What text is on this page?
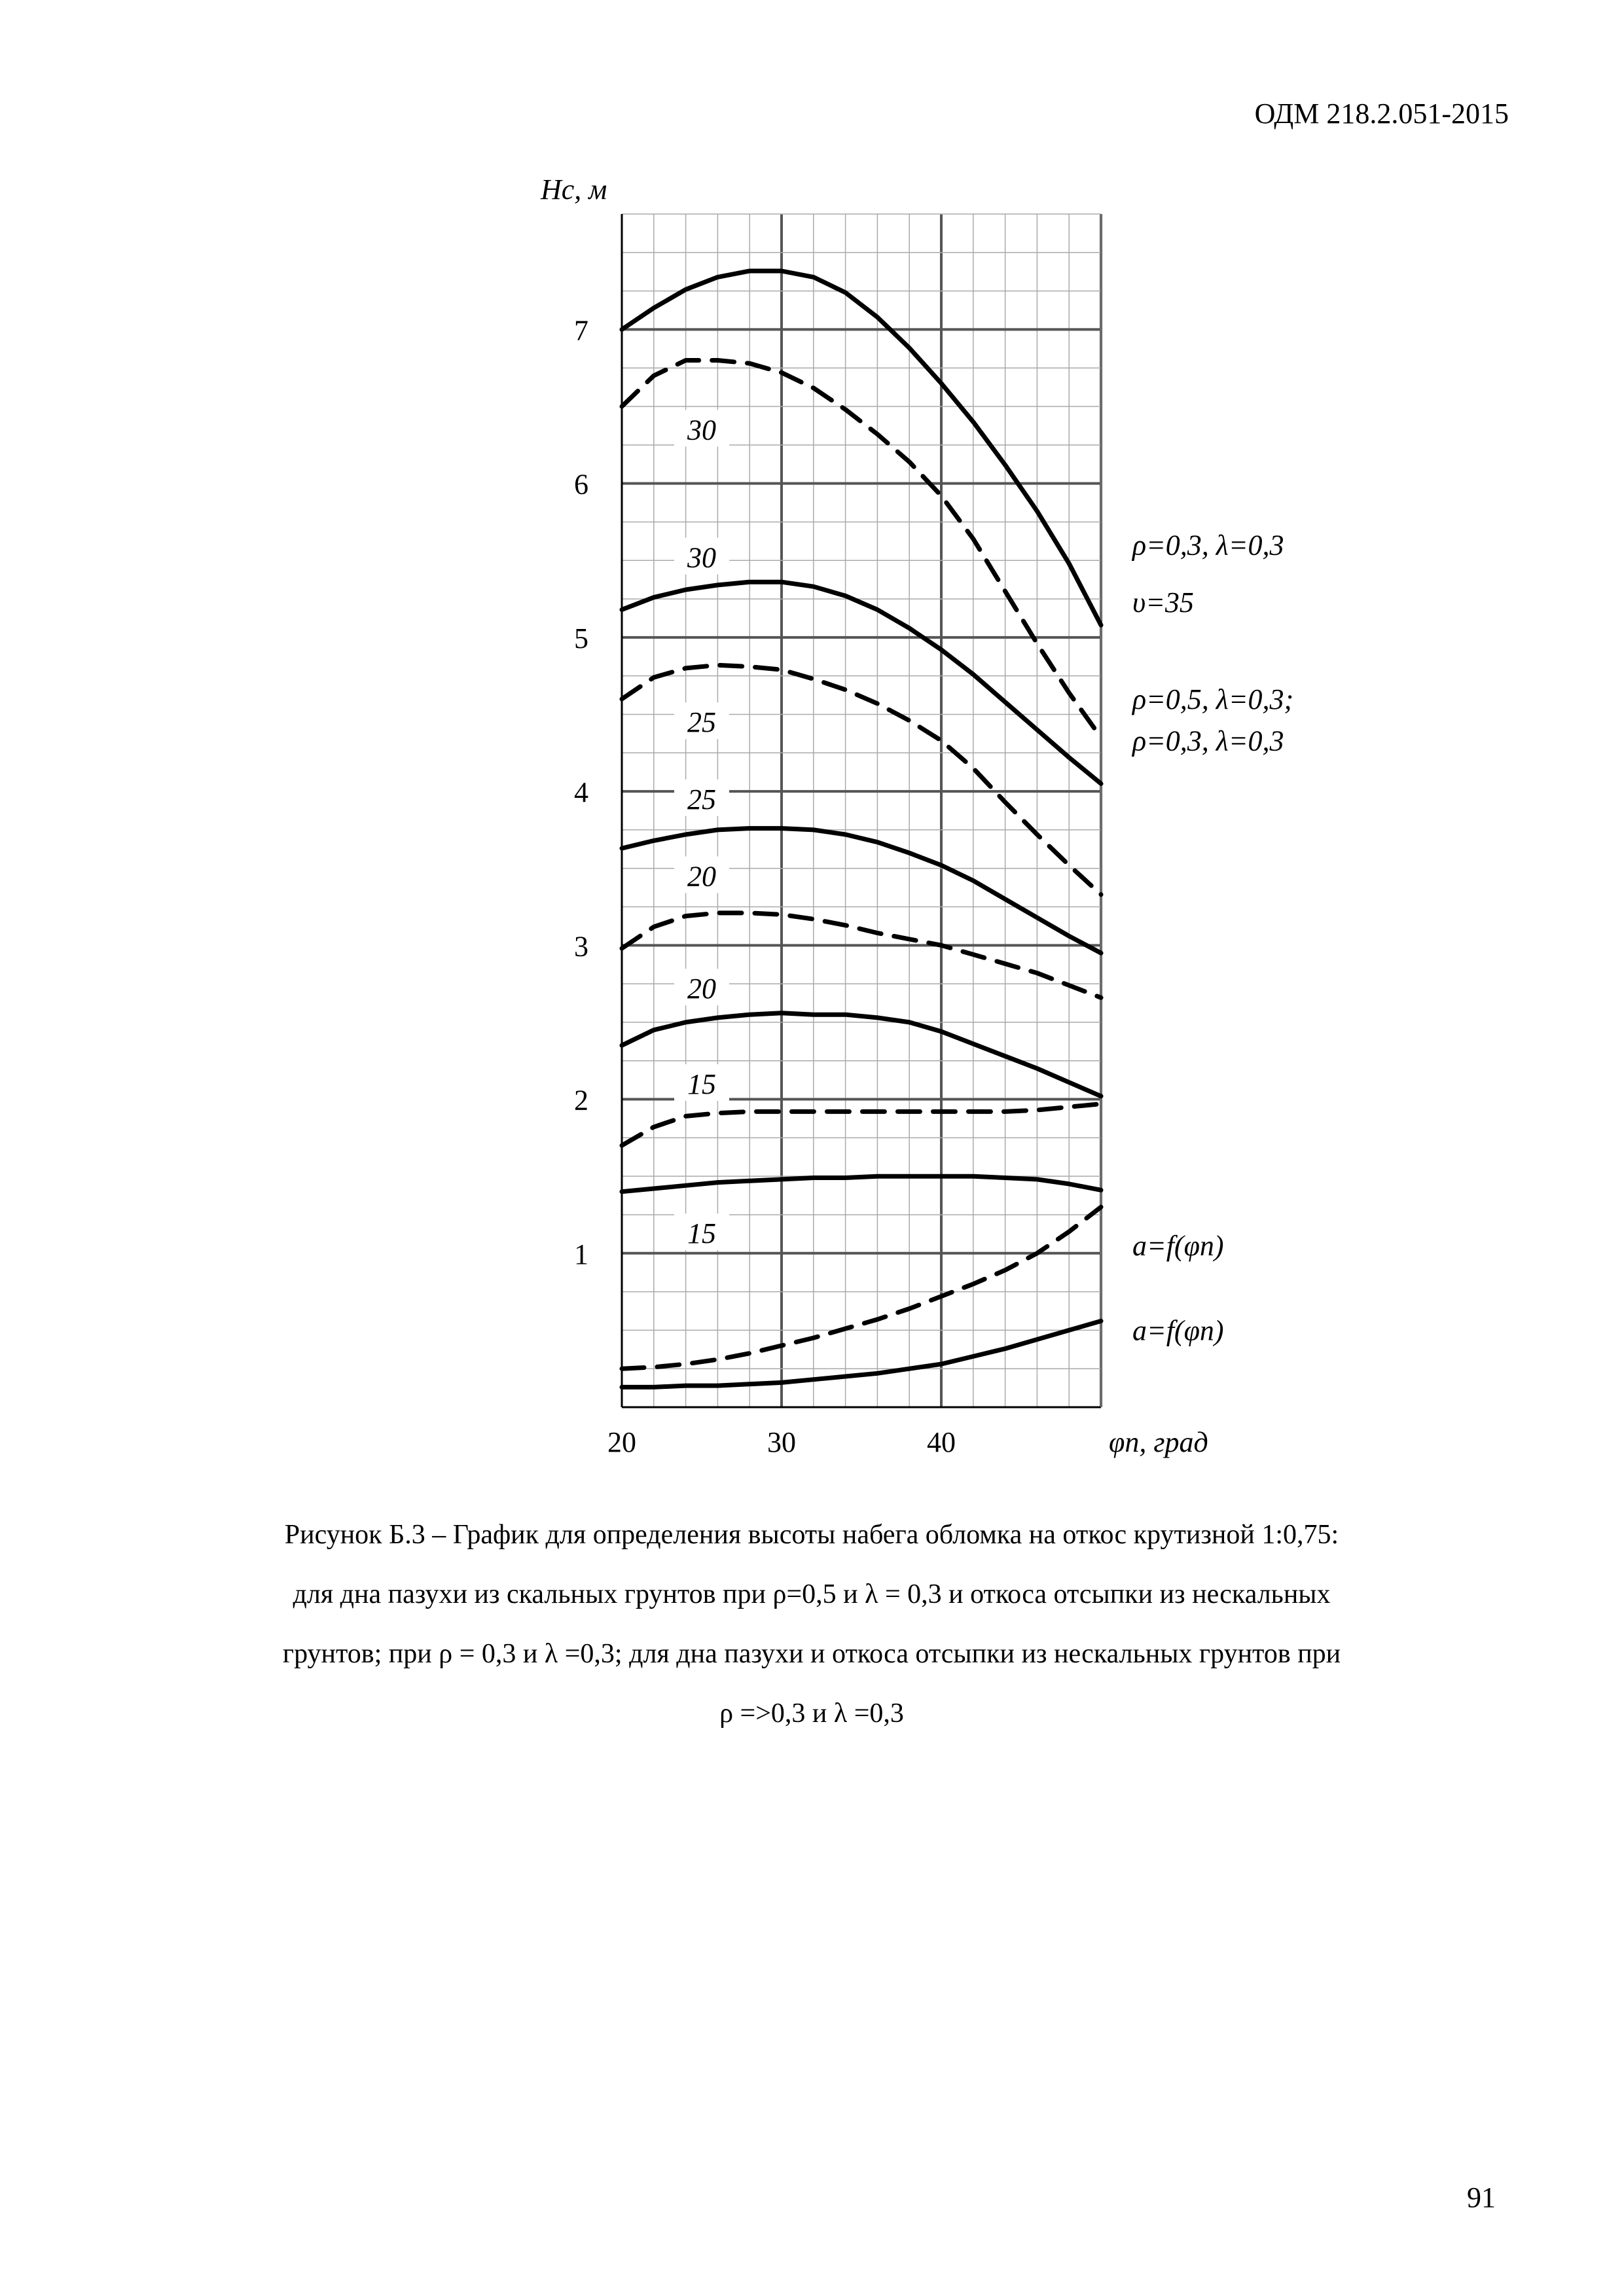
ОДМ 218.2.051-2015
1
2
3
4
5
6
7
20	30	40
30
30
25
25
20
20
15
15
ρ=0,3, λ=0,3
υ=35
ρ=0,5, λ=0,3;
ρ=0,3, λ=0,3
a=f(φn)
a=f(φn)
Hc, м
φn, град
Рисунок Б.3 – График для определения высоты набега обломка на откос крутизной 1:0,75:
для дна пазухи из скальных грунтов при ρ=0,5 и λ = 0,3 и откоса отсыпки из нескальных
грунтов; при ρ = 0,3 и λ =0,3; для дна пазухи и откоса отсыпки из нескальных грунтов при
ρ =>0,3 и λ =0,3
91
